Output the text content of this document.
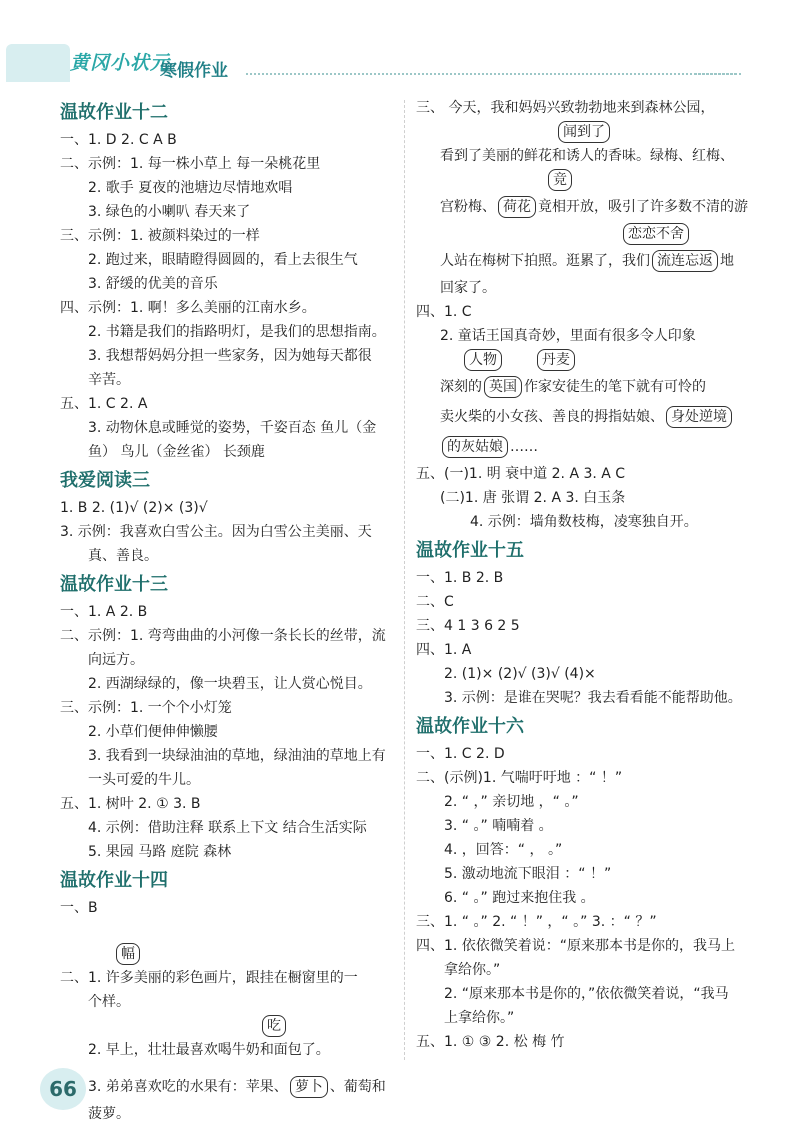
黄冈小状元
寒假作业
温故作业十二
一、1. D 2. C A B
二、示例：1. 每一株小草上 每一朵桃花里
2. 歌手 夏夜的池塘边尽情地欢唱
3. 绿色的小喇叭 春天来了
三、示例：1. 被颜料染过的一样
2. 跑过来，眼睛瞪得圆圆的，看上去很生气
3. 舒缓的优美的音乐
四、示例：1. 啊！多么美丽的江南水乡。
2. 书籍是我们的指路明灯，是我们的思想指南。
3. 我想帮妈妈分担一些家务，因为她每天都很
辛苦。
五、1. C 2. A
3. 动物休息或睡觉的姿势，千姿百态 鱼儿（金
鱼） 鸟儿（金丝雀） 长颈鹿
我爱阅读三
1. B 2. (1)√ (2)× (3)√
3. 示例：我喜欢白雪公主。因为白雪公主美丽、天
真、善良。
温故作业十三
一、1. A 2. B
二、示例：1. 弯弯曲曲的小河像一条长长的丝带，流
向远方。
2. 西湖绿绿的，像一块碧玉，让人赏心悦目。
三、示例：1. 一个个小灯笼
2. 小草们便伸伸懒腰
3. 我看到一块绿油油的草地，绿油油的草地上有
一头可爱的牛儿。
五、1. 树叶 2. ① 3. B
4. 示例：借助注释 联系上下文 结合生活实际
5. 果园 马路 庭院 森林
温故作业十四
一、B
幅
二、1. 许多美丽的彩色画片，跟挂在橱窗里的一
个样。
吃
2. 早上，壮壮最喜欢喝牛奶和面包了。
3. 弟弟喜欢吃的水果有：苹果、 萝卜 、葡萄和
菠萝。
三、 今天，我和妈妈兴致勃勃地来到森林公园，
闻到了
看到了美丽的鲜花和诱人的香味。绿梅、红梅、
竞
宫粉梅、 荷花 竟相开放，吸引了许多数不清的游
恋恋不舍
人站在梅树下拍照。逛累了，我们 流连忘返 地
回家了。
四、1. C
2. 童话王国真奇妙，里面有很多令人印象
人物	丹麦
深刻的 英国 作家安徒生的笔下就有可怜的
卖火柴的小女孩、善良的拇指姑娘、 身处逆境
的灰姑娘 ……
五、(一)1. 明 衰中道 2. A 3. A C
(二)1. 唐 张谓 2. A 3. 白玉条
4. 示例：墙角数枝梅，凌寒独自开。
温故作业十五
一、1. B 2. B
二、C
三、4 1 3 6 2 5
四、1. A
2. (1)× (2)√ (3)√ (4)×
3. 示例：是谁在哭呢？我去看看能不能帮助他。
温故作业十六
一、1. C 2. D
二、(示例)1. 气喘吁吁地 ：“ ！”
2. “ ，” 亲切地 ，“ 。”
3. “ 。” 喃喃着 。
4. ，回答：“ ， 。”
5. 激动地流下眼泪 ：“ ！”
6. “ 。” 跑过来抱住我 。
三、1. “ 。” 2. “ ！” ，“ 。” 3. ：“ ？”
四、1. 依依微笑着说：“原来那本书是你的，我马上
拿给你。”
2. “原来那本书是你的，”依依微笑着说，“我马
上拿给你。”
五、1. ① ③ 2. 松 梅 竹
66
